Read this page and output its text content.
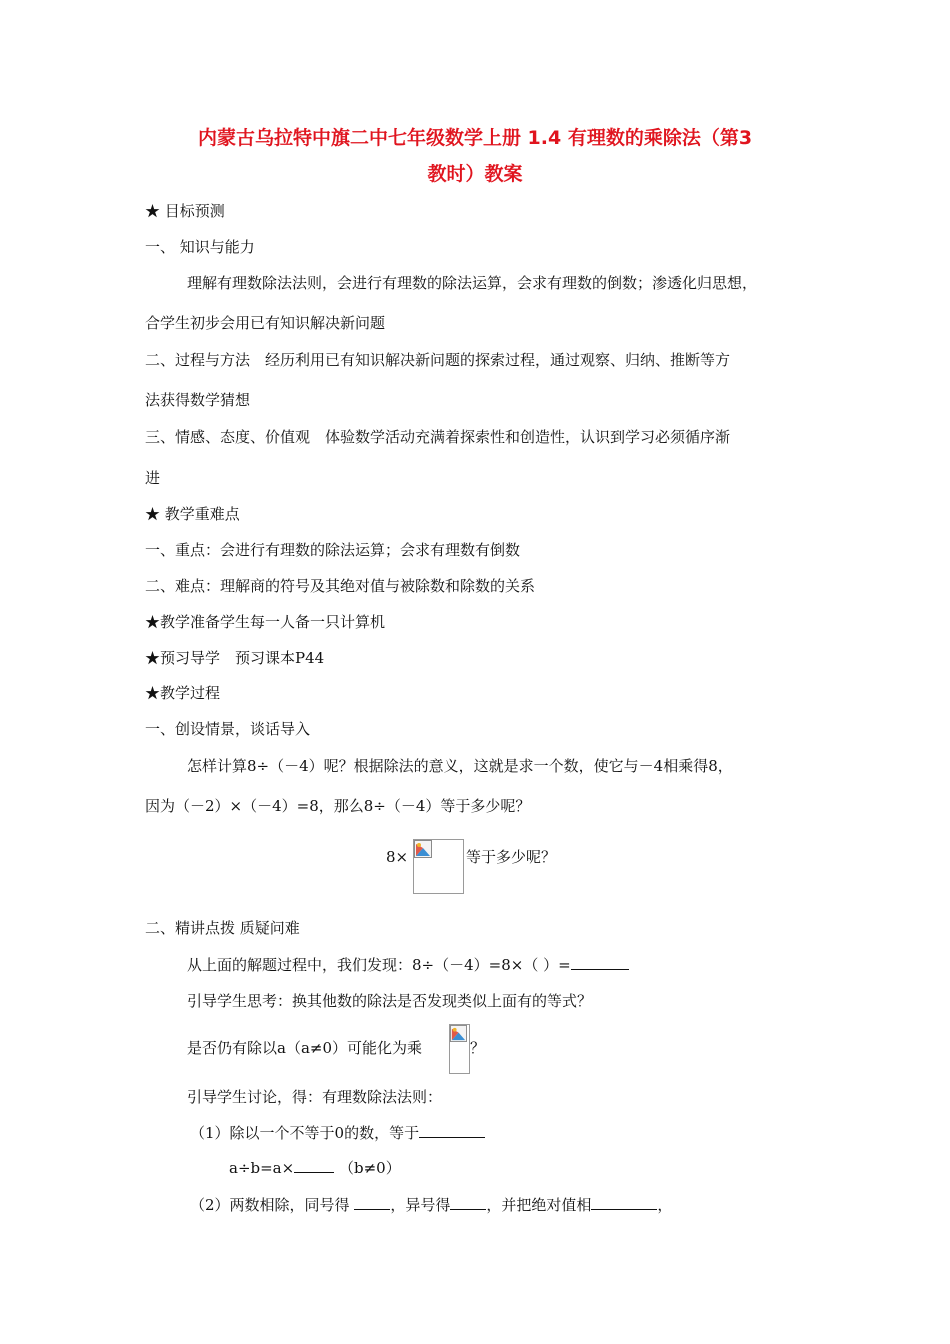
内蒙古乌拉特中旗二中七年级数学上册 1.4 有理数的乘除法（第3
教时）教案
★ 目标预测
一、 知识与能力
理解有理数除法法则，会进行有理数的除法运算，会求有理数的倒数；渗透化归思想，
合学生初步会用已有知识解决新问题
二、过程与方法　经历利用已有知识解决新问题的探索过程，通过观察、归纳、推断等方
法获得数学猜想
三、情感、态度、价值观　体验数学活动充满着探索性和创造性，认识到学习必须循序渐
进
★ 教学重难点
一、重点：会进行有理数的除法运算；会求有理数有倒数
二、难点：理解商的符号及其绝对值与被除数和除数的关系
★教学准备学生每一人备一只计算机
★预习导学　预习课本P44
★教学过程
一、创设情景，谈话导入
怎样计算8÷（－4）呢？根据除法的意义，这就是求一个数，使它与－4相乘得8，
因为（－2）×（－4）=8，那么8÷（－4）等于多少呢？
8×	等于多少呢？
二、精讲点拨 质疑问难
从上面的解题过程中，我们发现：8÷（－4）=8×（ ）=
引导学生思考：换其他数的除法是否发现类似上面有的等式？
是否仍有除以a（a≠0）可能化为乘	？
引导学生讨论，得：有理数除法法则：
（1）除以一个不等于0的数，等于
a÷b=a×	（b≠0）
（2）两数相除，同号得	，异号得 ，并把绝对值相	，
